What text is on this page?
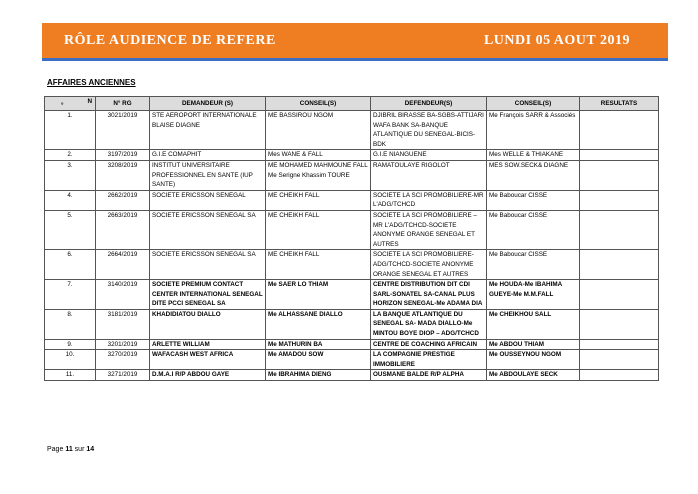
RÔLE AUDIENCE DE REFERE	LUNDI 05 AOUT 2019
AFFAIRES ANCIENNES
N
°	N° RG	DEMANDEUR (S)	CONSEIL(S)	DEFENDEUR(S)	CONSEIL(S)	RESULTATS
1.	3021/2019	STE AEROPORT INTERNATIONALE BLAISE DIAGNE	ME BASSIROU NGOM	DJIBRIL BIRASSE BA-SGBS-ATTIJARI WAFA BANK SA-BANQUE ATLANTIQUE DU SENEGAL-BICIS-BDK	Me François SARR & Associés	
2.	3197/2019	G.I.E COMAPHIT	Mes WANE & FALL	G.I.E NIANGUENE	Mes WELLE & THIAKANE	
3.	3208/2019	INSTITUT UNIVERSITAIRE PROFESSIONNEL EN SANTE (IUP SANTE)	ME MOHAMED MAHMOUNE FALL Me Serigne Khassim TOURE	RAMATOULAYE RIGOLOT	MES SOW.SECK& DIAGNE	
4.	2662/2019	SOCIETE ERICSSON SENEGAL	ME CHEIKH FALL	SOCIETE LA SCI PROMOBILIERE-MR L'ADG/TCHCD	Me Baboucar CISSE	
5.	2663/2019	SOCIETE ERICSSON SENEGAL SA	ME CHEIKH FALL	SOCIETE LA SCI PROMOBILIERE – MR L'ADG/TCHCD-SOCIETE ANONYME ORANGE SENEGAL ET AUTRES	Me Baboucar CISSE	
6.	2664/2019	SOCIETE ERICSSON SENEGAL SA	ME CHEIKH FALL	SOCIETE LA SCI PROMOBILIERE-ADG/TCHCD-SOCIETE ANONYME ORANGE SENEGAL ET AUTRES	Me Baboucar CISSE	
7.	3140/2019	SOCIETE PREMIUM CONTACT CENTER INTERNATIONAL SENEGAL DITE PCCI SENEGAL SA	Me SAER LO THIAM	CENTRE DISTRIBUTION DIT CDI SARL-SONATEL SA-CANAL PLUS HORIZON SENEGAL-Me ADAMA DIA	Me HOUDA-Me IBAHIMA GUEYE-Me M.M.FALL	
8.	3181/2019	KHADIDIATOU DIALLO	Me ALHASSANE DIALLO	LA BANQUE ATLANTIQUE DU SENEGAL SA- MADA DIALLO-Me MINTOU BOYE DIOP – ADG/TCHCD	Me CHEIKHOU SALL	
9.	3201/2019	ARLETTE WILLIAM	Me MATHURIN BA	CENTRE DE COACHING AFRICAIN	Me ABDOU THIAM	
10.	3270/2019	WAFACASH WEST AFRICA	Me AMADOU SOW	LA COMPAGNIE PRESTIGE IMMOBILIERE	Me OUSSEYNOU NGOM	
11.	3271/2019	D.M.A.I R/P ABDOU GAYE	Me IBRAHIMA DIENG	OUSMANE BALDE R/P ALPHA	Me ABDOULAYE SECK	
Page 11 sur 14
